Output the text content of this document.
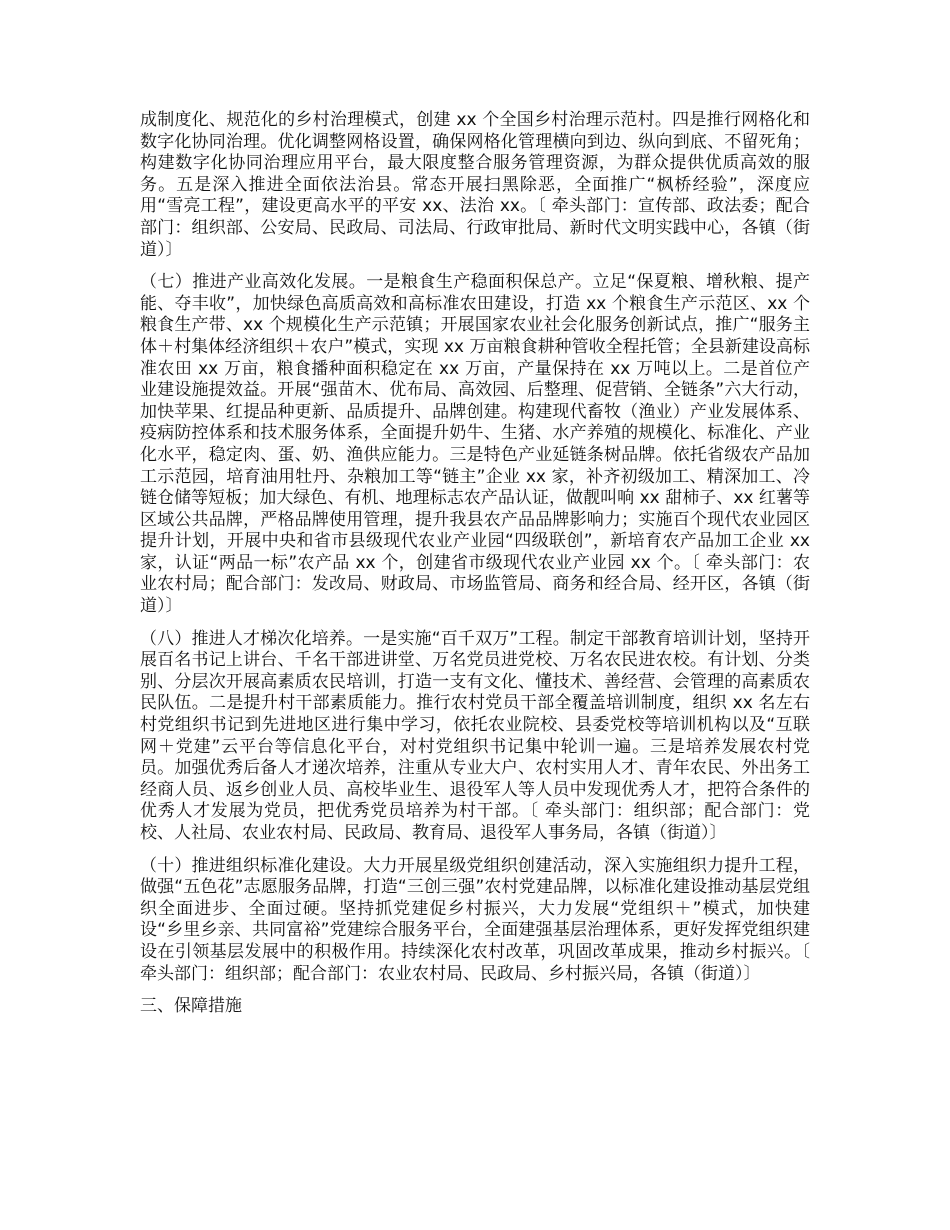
成制度化、规范化的乡村治理模式，创建 xx 个全国乡村治理示范村。四是推行网格化和数字化协同治理。优化调整网格设置，确保网格化管理横向到边、纵向到底、不留死角；构建数字化协同治理应用平台，最大限度整合服务管理资源，为群众提供优质高效的服务。五是深入推进全面依法治县。常态开展扫黑除恶，全面推广“枫桥经验”，深度应用“雪亮工程”，建设更高水平的平安 xx、法治 xx。〔 牵头部门：宣传部、政法委；配合部门：组织部、公安局、民政局、司法局、行政审批局、新时代文明实践中心，各镇（街道）〕

（七）推进产业高效化发展。一是粮食生产稳面积保总产。立足“保夏粮、增秋粮、提产能、夺丰收”，加快绿色高质高效和高标准农田建设，打造 xx 个粮食生产示范区、xx 个粮食生产带、xx 个规模化生产示范镇；开展国家农业社会化服务创新试点，推广“服务主体＋村集体经济组织＋农户”模式，实现 xx 万亩粮食耕种管收全程托管；全县新建设高标准农田 xx 万亩，粮食播种面积稳定在 xx 万亩，产量保持在 xx 万吨以上。二是首位产业建设施提效益。开展“强苗木、优布局、高效园、后整理、促营销、全链条”六大行动，加快苹果、红提品种更新、品质提升、品牌创建。构建现代畜牧（渔业）产业发展体系、疫病防控体系和技术服务体系，全面提升奶牛、生猪、水产养殖的规模化、标准化、产业化水平，稳定肉、蛋、奶、渔供应能力。三是特色产业延链条树品牌。依托省级农产品加工示范园，培育油用牡丹、杂粮加工等“链主”企业 xx 家，补齐初级加工、精深加工、冷链仓储等短板；加大绿色、有机、地理标志农产品认证，做靓叫响 xx 甜柿子、xx 红薯等区域公共品牌，严格品牌使用管理，提升我县农产品品牌影响力；实施百个现代农业园区提升计划，开展中央和省市县级现代农业产业园“四级联创”，新培育农产品加工企业 xx 家，认证“两品一标”农产品 xx 个，创建省市级现代农业产业园 xx 个。〔 牵头部门：农业农村局；配合部门：发改局、财政局、市场监管局、商务和经合局、经开区，各镇（街道）〕

（八）推进人才梯次化培养。一是实施“百千双万”工程。制定干部教育培训计划，坚持开展百名书记上讲台、千名干部进讲堂、万名党员进党校、万名农民进农校。有计划、分类别、分层次开展高素质农民培训，打造一支有文化、懂技术、善经营、会管理的高素质农民队伍。二是提升村干部素质能力。推行农村党员干部全覆盖培训制度，组织 xx 名左右村党组织书记到先进地区进行集中学习，依托农业院校、县委党校等培训机构以及“互联网＋党建”云平台等信息化平台，对村党组织书记集中轮训一遍。三是培养发展农村党员。加强优秀后备人才递次培养，注重从专业大户、农村实用人才、青年农民、外出务工经商人员、返乡创业人员、高校毕业生、退役军人等人员中发现优秀人才，把符合条件的优秀人才发展为党员，把优秀党员培养为村干部。〔 牵头部门：组织部；配合部门：党校、人社局、农业农村局、民政局、教育局、退役军人事务局，各镇（街道）〕

（十）推进组织标准化建设。大力开展星级党组织创建活动，深入实施组织力提升工程，做强“五色花”志愿服务品牌，打造“三创三强”农村党建品牌，以标准化建设推动基层党组织全面进步、全面过硬。坚持抓党建促乡村振兴，大力发展“党组织＋”模式，加快建设“乡里乡亲、共同富裕”党建综合服务平台，全面建强基层治理体系，更好发挥党组织建设在引领基层发展中的积极作用。持续深化农村改革，巩固改革成果，推动乡村振兴。〔 牵头部门：组织部；配合部门：农业农村局、民政局、乡村振兴局，各镇（街道）〕

三、保障措施
